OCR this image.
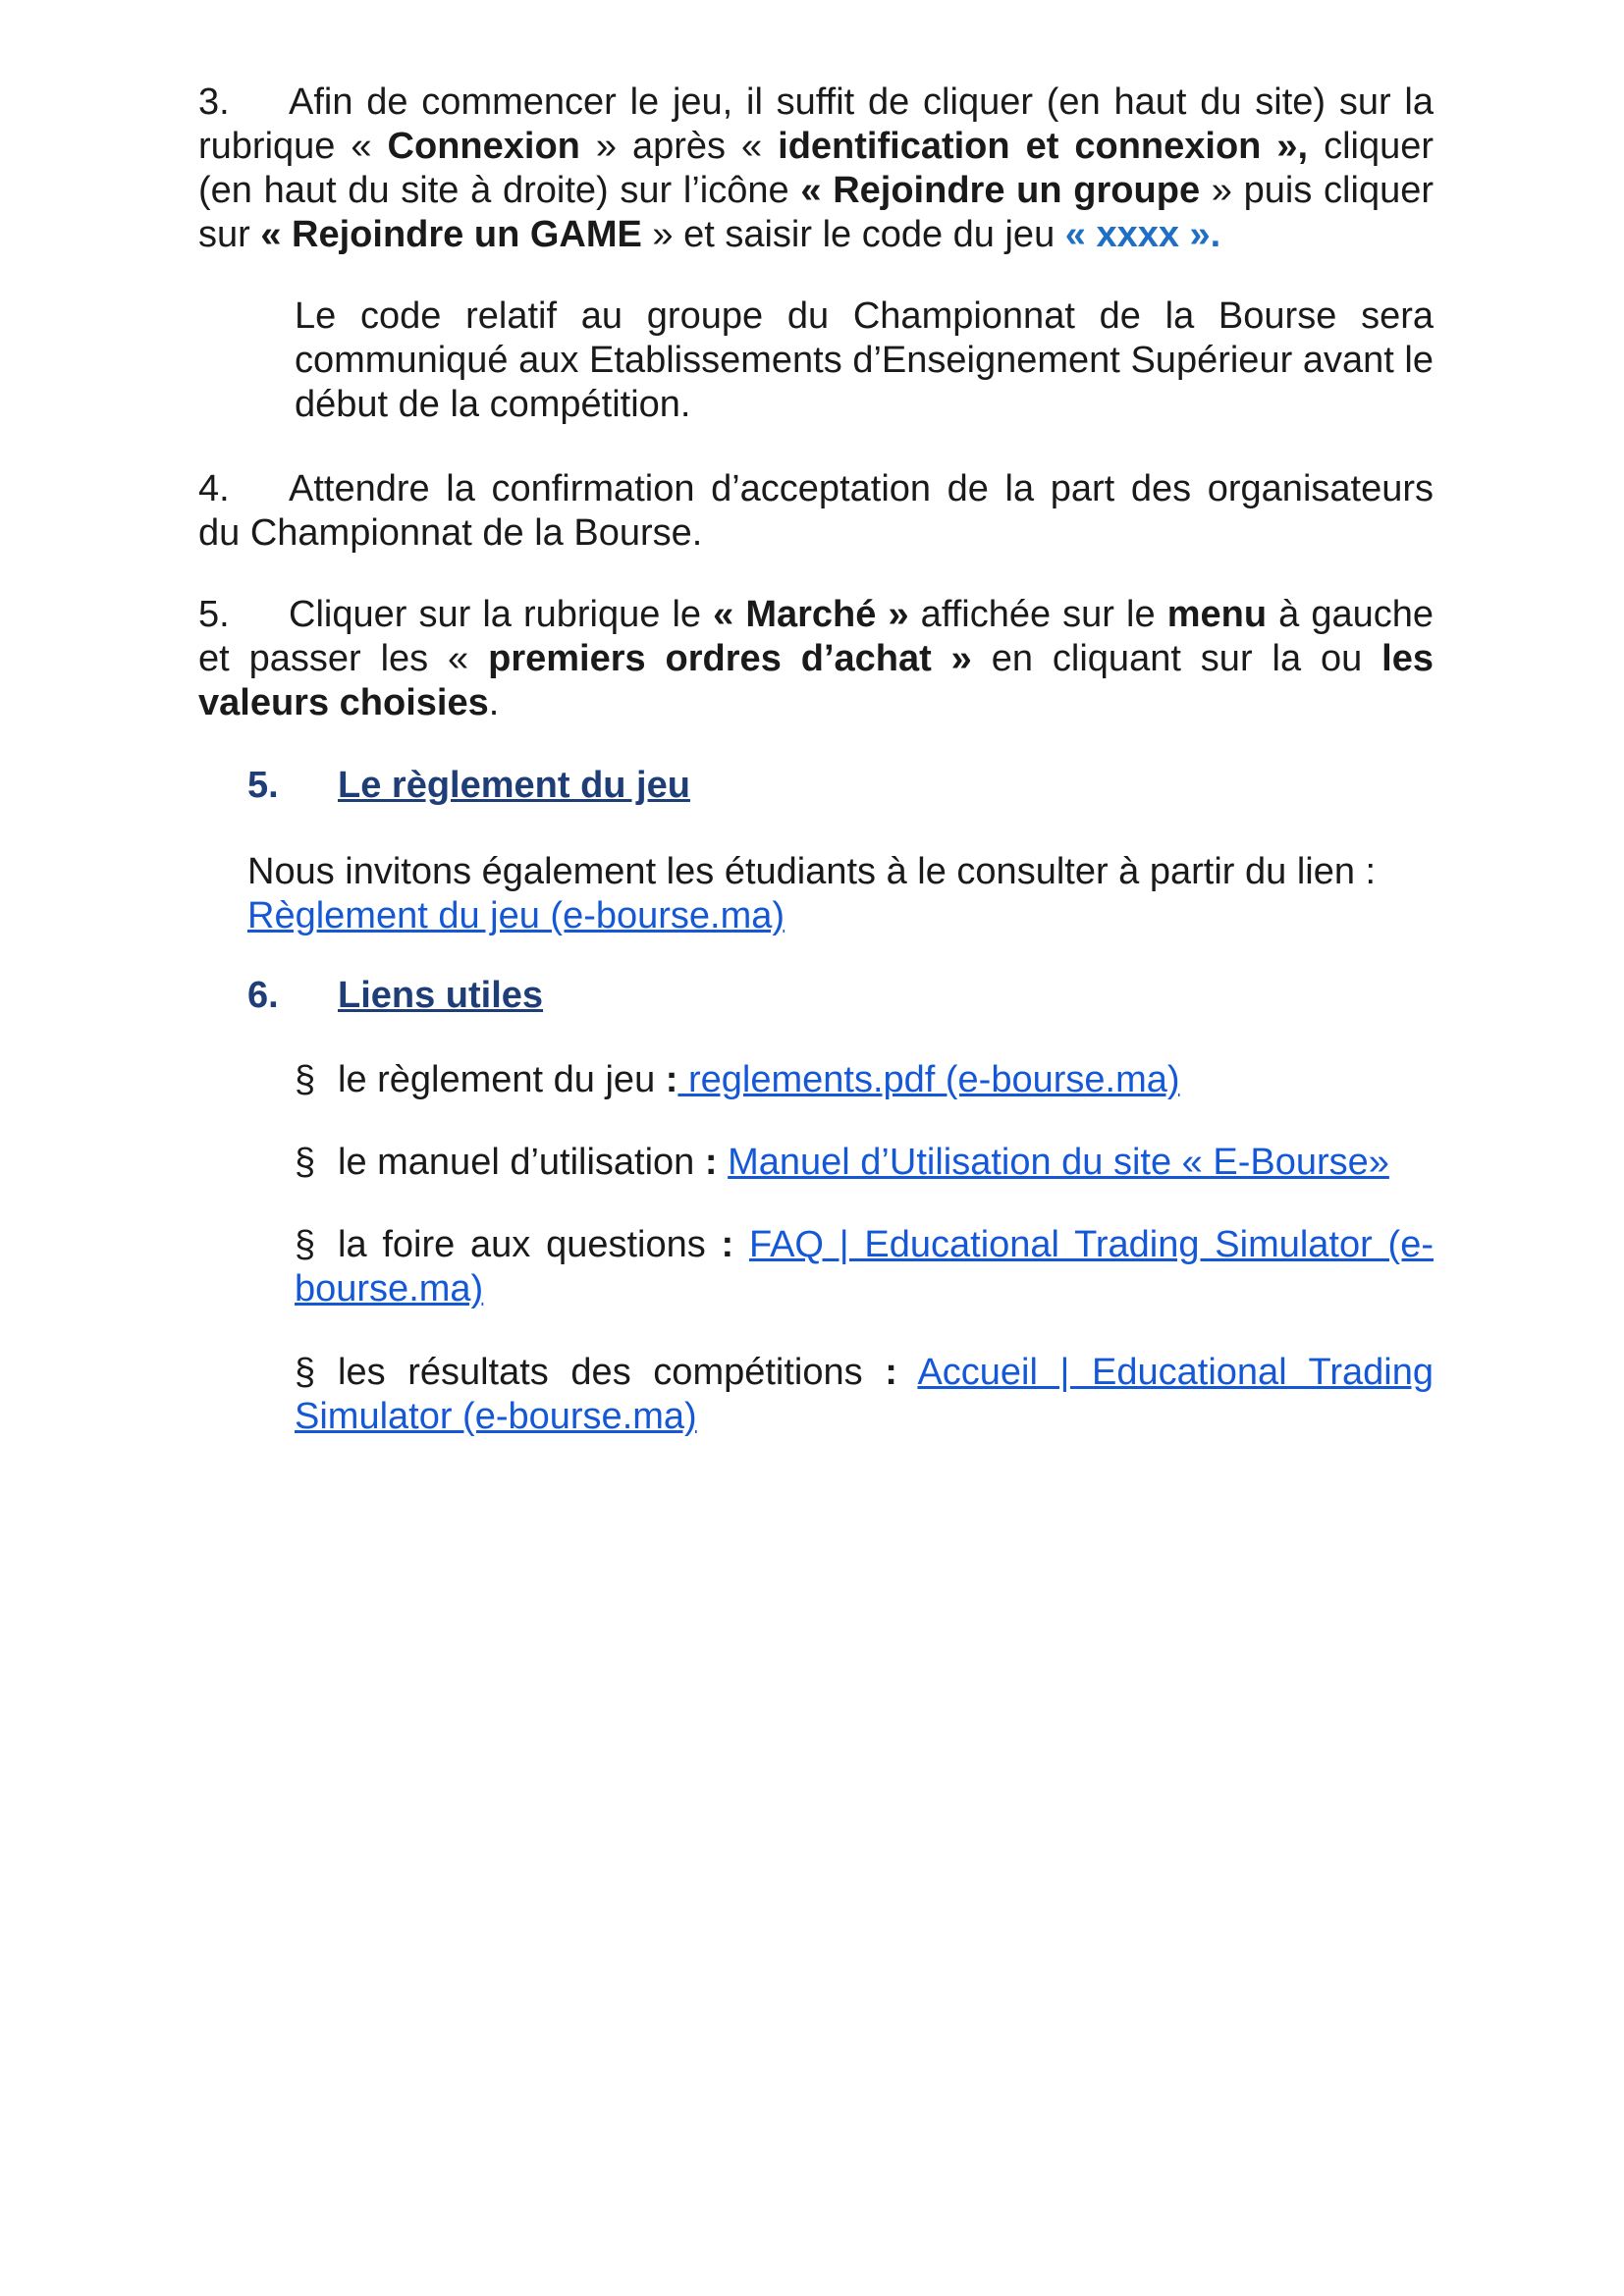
3. Afin de commencer le jeu, il suffit de cliquer (en haut du site) sur la rubrique « Connexion » après « identification et connexion », cliquer (en haut du site à droite) sur l’icône « Rejoindre un groupe » puis cliquer sur « Rejoindre un GAME » et saisir le code du jeu « xxxx ».

Le code relatif au groupe du Championnat de la Bourse sera communiqué aux Etablissements d’Enseignement Supérieur avant le début de la compétition.

4. Attendre la confirmation d’acceptation de la part des organisateurs du Championnat de la Bourse.

5. Cliquer sur la rubrique le « Marché » affichée sur le menu à gauche et passer les « premiers ordres d’achat » en cliquant sur la ou les valeurs choisies.

5. Le règlement du jeu

Nous invitons également les étudiants à le consulter à partir du lien : Règlement du jeu (e-bourse.ma)

6. Liens utiles

§ le règlement du jeu : reglements.pdf (e-bourse.ma)

§ le manuel d’utilisation : Manuel d’Utilisation du site « E-Bourse»

§ la foire aux questions : FAQ | Educational Trading Simulator (e-bourse.ma)

§ les résultats des compétitions : Accueil | Educational Trading Simulator (e-bourse.ma)
